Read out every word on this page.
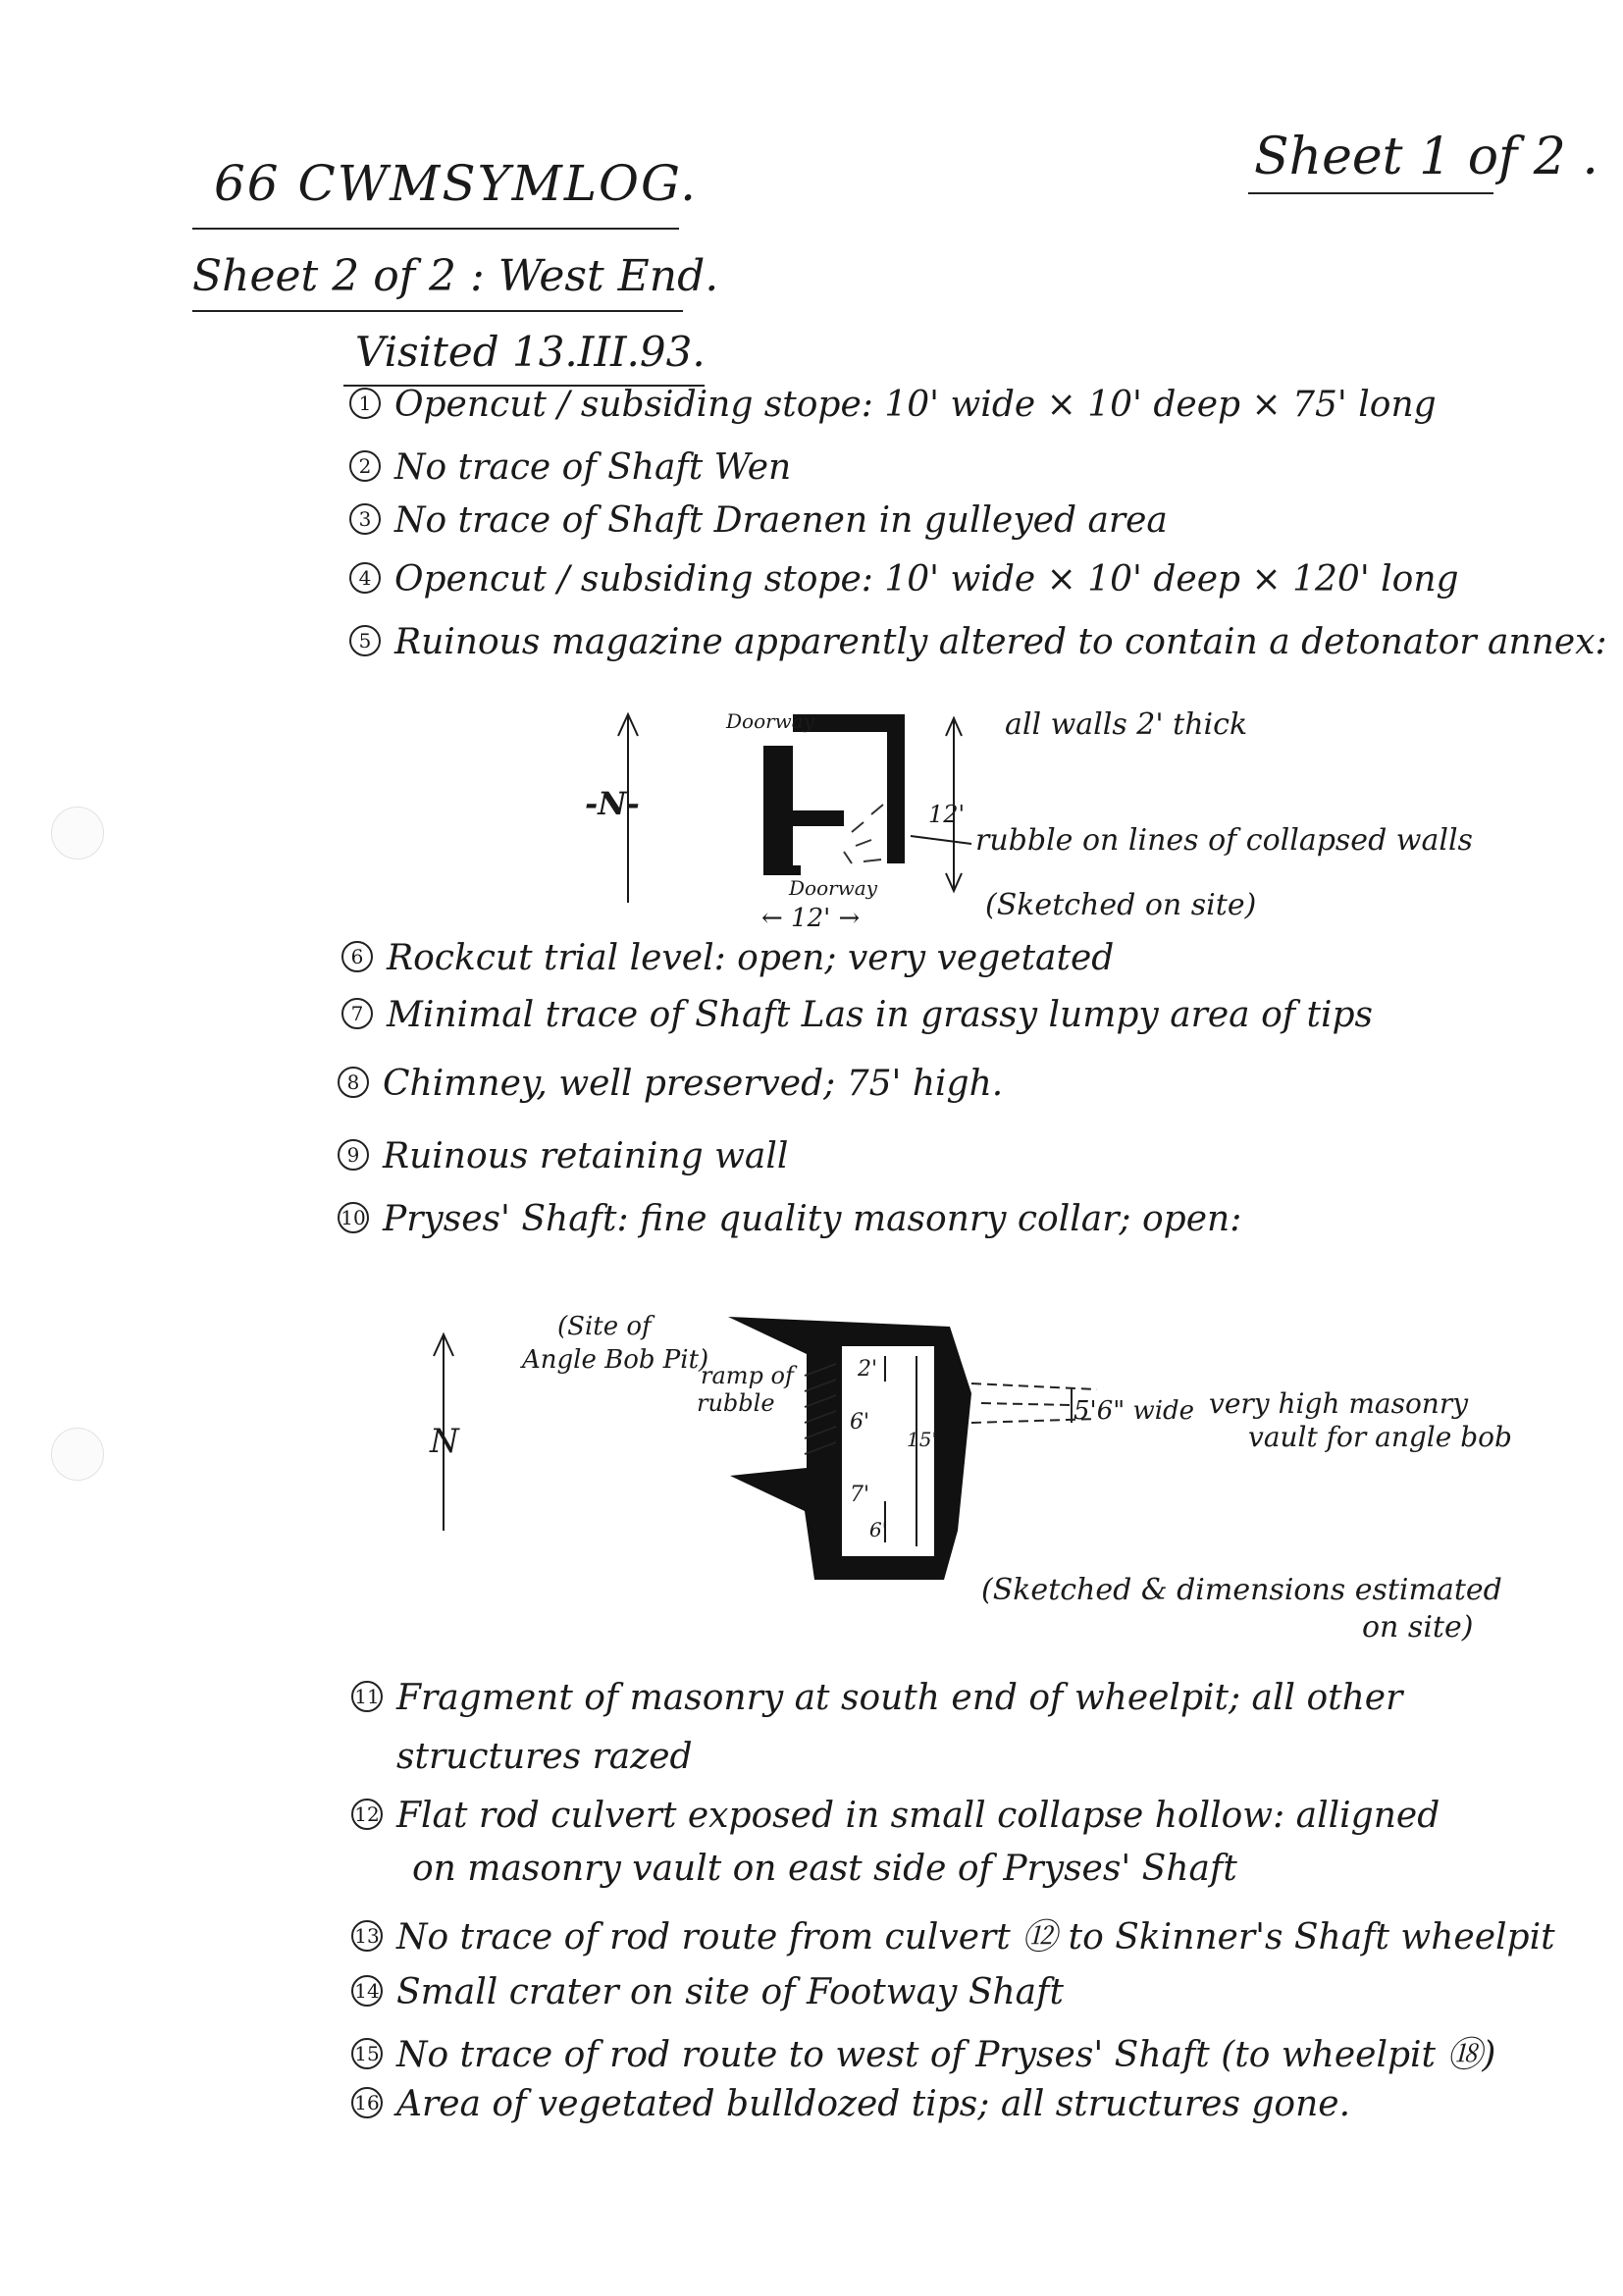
66 CWMSYMLOG.	Sheet 1 of 2 .
Sheet 2 of 2 : West End.
Visited 13.III.93.
1 Opencut / subsiding stope: 10' wide × 10' deep × 75' long
2 No trace of Shaft Wen
3 No trace of Shaft Draenen in gulleyed area
4 Opencut / subsiding stope: 10' wide × 10' deep × 120' long
5 Ruinous magazine apparently altered to contain a detonator annex:
-N-	12'
Doorway
Doorway
← 12' →
all walls 2' thick
rubble on lines of collapsed walls
(Sketched on site)
N
(Site of
Angle Bob Pit)
ramp of
rubble
2'
6'
15'
7'
6'
5'6" wide very high masonry
vault for angle bob
(Sketched & dimensions estimated
on site)
6 Rockcut trial level: open; very vegetated
7 Minimal trace of Shaft Las in grassy lumpy area of tips
8 Chimney, well preserved; 75' high.
9 Ruinous retaining wall
10 Pryses' Shaft: fine quality masonry collar; open:
11 Fragment of masonry at south end of wheelpit; all other
structures razed
12 Flat rod culvert exposed in small collapse hollow: alligned
on masonry vault on east side of Pryses' Shaft
13 No trace of rod route from culvert ⑫ to Skinner's Shaft wheelpit
14 Small crater on site of Footway Shaft
15 No trace of rod route to west of Pryses' Shaft (to wheelpit ⑱)
16 Area of vegetated bulldozed tips; all structures gone.
